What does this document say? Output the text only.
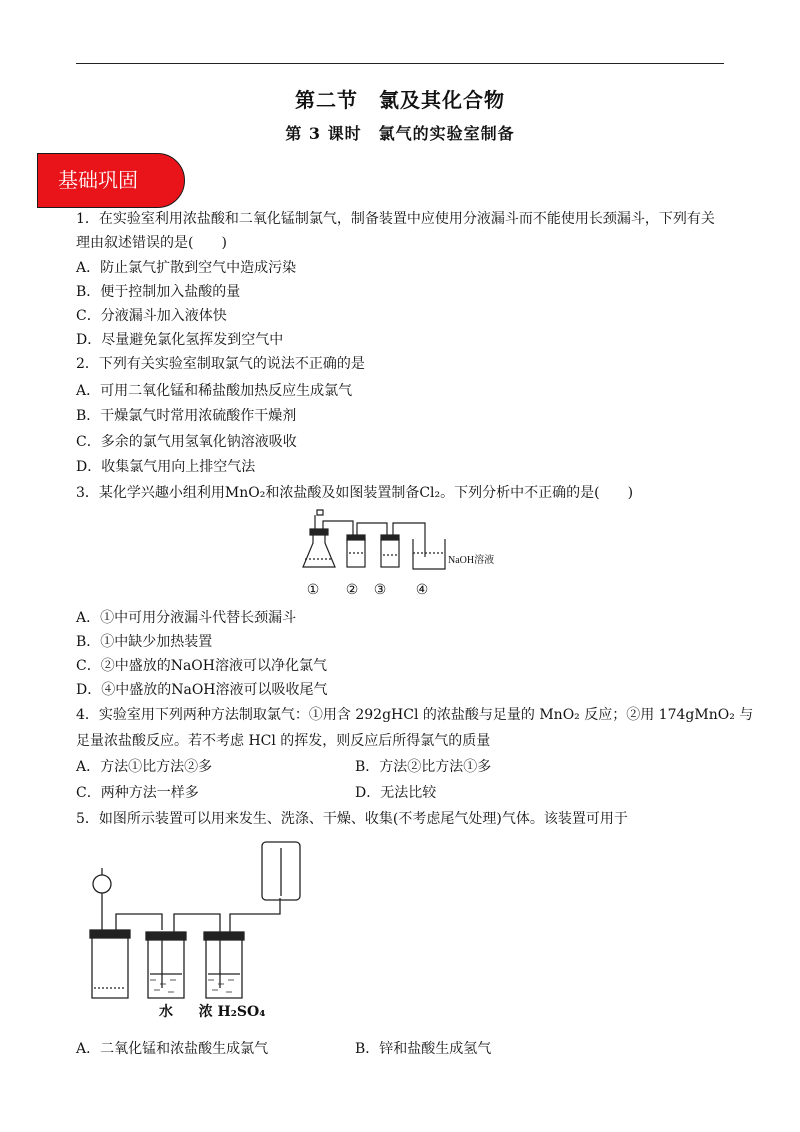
第二节　氯及其化合物
第 3 课时　氯气的实验室制备
基础巩固
1．在实验室利用浓盐酸和二氧化锰制氯气，制备装置中应使用分液漏斗而不能使用长颈漏斗，下列有关
理由叙述错误的是(　　)
A．防止氯气扩散到空气中造成污染
B．便于控制加入盐酸的量
C．分液漏斗加入液体快
D．尽量避免氯化氢挥发到空气中
2．下列有关实验室制取氯气的说法不正确的是
A．可用二氧化锰和稀盐酸加热反应生成氯气
B．干燥氯气时常用浓硫酸作干燥剂
C．多余的氯气用氢氧化钠溶液吸收
D．收集氯气用向上排空气法
3．某化学兴趣小组利用MnO₂和浓盐酸及如图装置制备Cl₂。下列分析中不正确的是(　　)
NaOH溶液
① ② ③ ④
A．①中可用分液漏斗代替长颈漏斗
B．①中缺少加热装置
C．②中盛放的NaOH溶液可以净化氯气
D．④中盛放的NaOH溶液可以吸收尾气
4．实验室用下列两种方法制取氯气：①用含 292gHCl 的浓盐酸与足量的 MnO₂ 反应；②用 174gMnO₂ 与
足量浓盐酸反应。若不考虑 HCl 的挥发，则反应后所得氯气的质量
A．方法①比方法②多	B．方法②比方法①多
C．两种方法一样多	D．无法比较
5．如图所示装置可以用来发生、洗涤、干燥、收集(不考虑尾气处理)气体。该装置可用于
水 浓 H₂SO₄
A．二氧化锰和浓盐酸生成氯气	B．锌和盐酸生成氢气
